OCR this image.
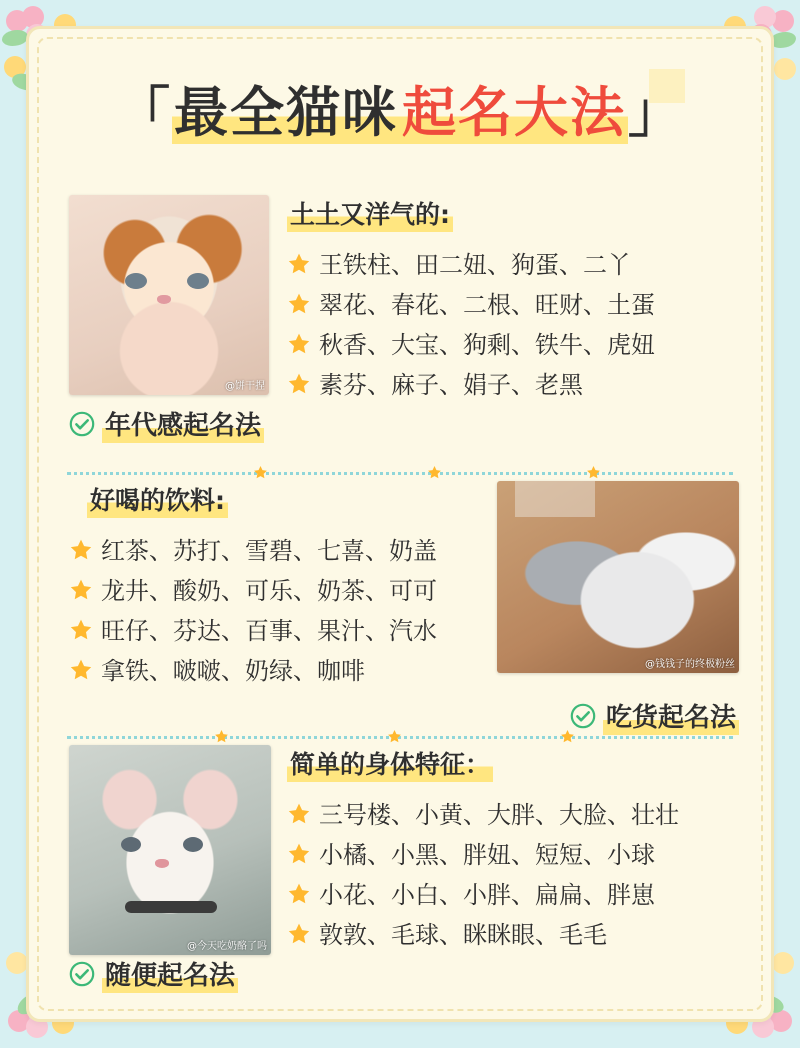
「最全猫咪起名大法」
@饼干捏
土土又洋气的:
王铁柱、田二妞、狗蛋、二丫
翠花、春花、二根、旺财、土蛋
秋香、大宝、狗剩、铁牛、虎妞
素芬、麻子、娟子、老黑
年代感起名法
@钱钱子的终极粉丝
好喝的饮料:
红茶、苏打、雪碧、七喜、奶盖
龙井、酸奶、可乐、奶茶、可可
旺仔、芬达、百事、果汁、汽水
拿铁、啵啵、奶绿、咖啡
吃货起名法
@今天吃奶酪了吗
简单的身体特征：
三号楼、小黄、大胖、大脸、壮壮
小橘、小黑、胖妞、短短、小球
小花、小白、小胖、扁扁、胖崽
敦敦、毛球、眯眯眼、毛毛
随便起名法
